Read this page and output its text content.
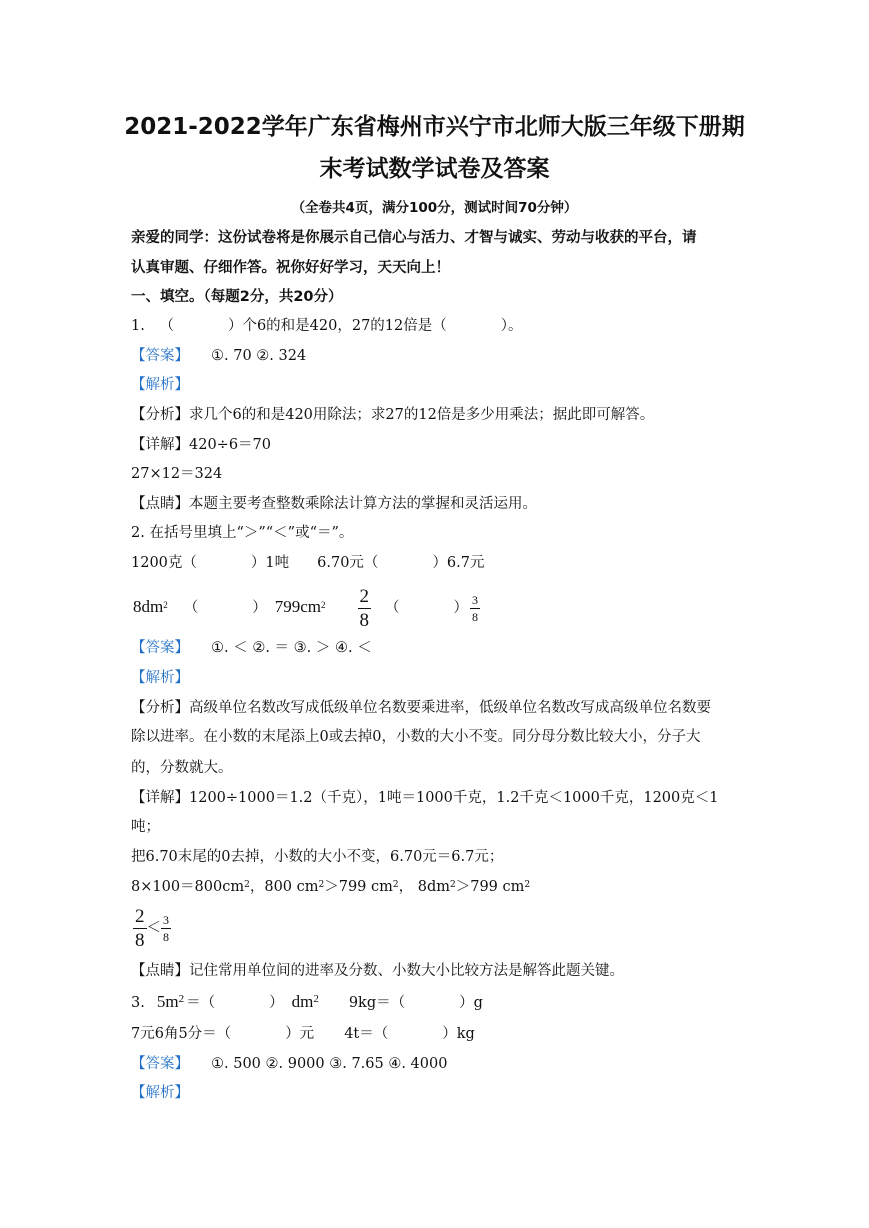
2021-2022学年广东省梅州市兴宁市北师大版三年级下册期
末考试数学试卷及答案
（全卷共4页，满分100分，测试时间70分钟）
亲爱的同学：这份试卷将是你展示自己信心与活力、才智与诚实、劳动与收获的平台，请
认真审题、仔细作答。祝你好好学习，天天向上！
一、填空。（每题2分，共20分）
1. （	）个6的和是420，27的12倍是（	）。
【答案】 ①. 70 ②. 324
【解析】
【分析】求几个6的和是420用除法；求27的12倍是多少用乘法；据此即可解答。
【详解】420÷6＝70
27×12＝324
【点睛】本题主要考查整数乘除法计算方法的掌握和灵活运用。
2. 在括号里填上“＞”“＜”或“＝”。
1200克（	）1吨 6.70元（	）6.7元
$8dm^2$ （	） $799cm^2 \frac{2}{8}$ （	） $\frac{3}{8}$
【答案】 ①. ＜ ②. ＝ ③. ＞ ④. ＜
【解析】
【分析】高级单位名数改写成低级单位名数要乘进率，低级单位名数改写成高级单位名数要
除以进率。在小数的末尾添上0或去掉0，小数的大小不变。同分母分数比较大小，分子大
的，分数就大。
【详解】1200÷1000＝1.2（千克），1吨＝1000千克，1.2千克＜1000千克，1200克＜1
吨；
把6.70末尾的0去掉，小数的大小不变，6.70元＝6.7元；
$8\times 100=800cm^2$，800 $cm^2>799$ $cm^2$， $8dm^2>799$ $cm^2$
$\frac{2}{8} < \frac{3}{8}$
【点睛】记住常用单位间的进率及分数、小数大小比较方法是解答此题关键。
3. $5m^2$ ＝（	） $dm^2$ 9kg＝（	）g
7元6角5分＝（	）元 4t＝（	）kg
【答案】 ①. 500 ②. 9000 ③. 7.65 ④. 4000
【解析】
